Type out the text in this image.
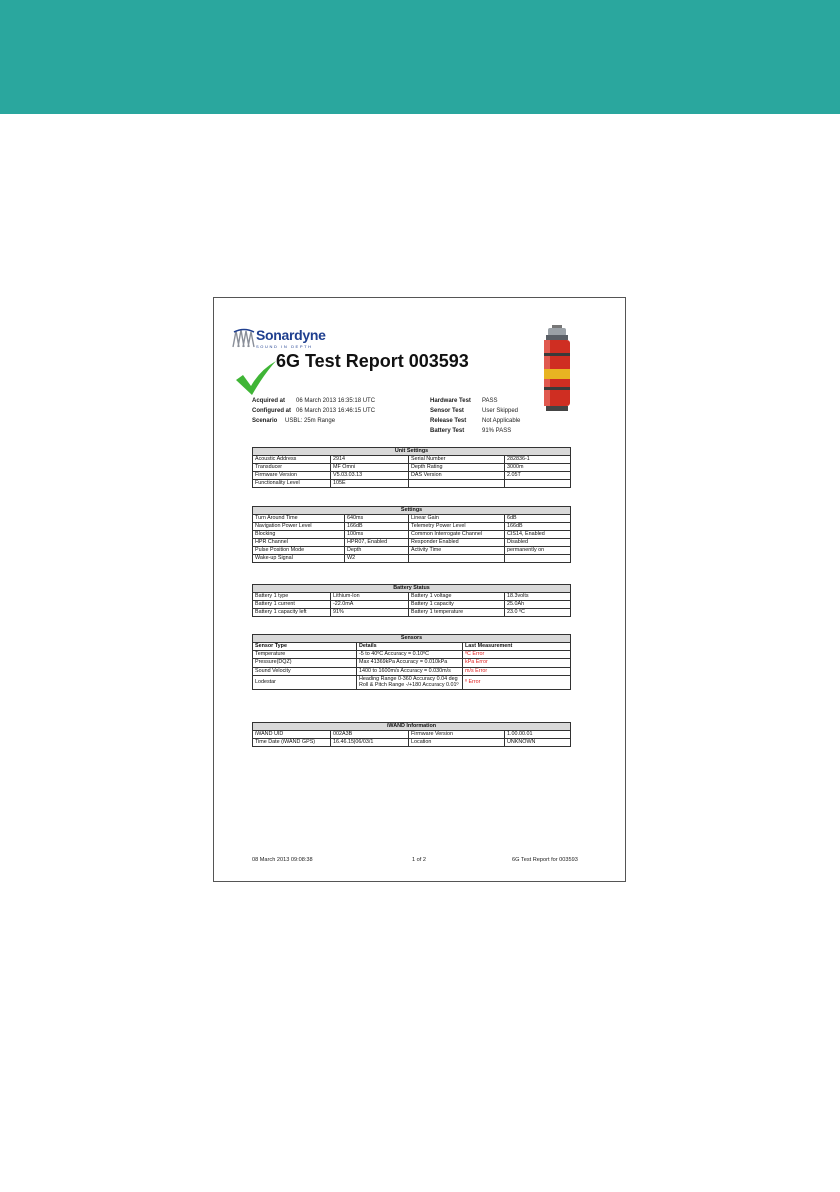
Sonardyne
SOUND IN DEPTH
6G Test Report 003593
Acquired at 06 March 2013 16:35:18 UTC
Configured at 06 March 2013 16:46:15 UTC
Scenario USBL: 25m Range
Hardware Test PASS
Sensor Test	User Skipped
Release Test	Not Applicable
Battery Test	91% PASS
Unit Settings			
Acoustic Address	2914	Serial Number	282836-1
Transducer	MF Omni	Depth Rating	3000m
Firmware Version	V5.03.03.13	DAS Version	2.05T
Functionality Level	105E		
Settings			
Turn Around Time	640ms	Linear Gain	6dB
Navigation Power Level	166dB	Telemetry Power Level	166dB
Blocking	100ms	Common Interrogate Channel	CIS14, Enabled
HPR Channel	HPR07, Enabled	Responder Enabled	Disabled
Pulse Position Mode	Depth	Activity Time	permanently on
Wake-up Signal	W2		
Battery Status			
Battery 1 type	Lithium-Ion	Battery 1 voltage	18.3volts
Battery 1 current	-22.0mA	Battery 1 capacity	25.0Ah
Battery 1 capacity left	91%	Battery 1 temperature	23.0 ºC
Sensors		
Sensor Type	Details	Last Measurement
Temperature	-5 to 40ºC Accuracy = 0.10ºC	ºC Error
Pressure(DQZ)	Max 41369kPa Accuracy = 0.010kPa	kPa Error
Sound Velocity	1400 to 1600m/s Accuracy = 0.030m/s	m/s Error
Lodestar	Heading Range 0-360 Accuracy 0.04 deg Roll & Pitch Range -/+180 Accuracy 0.01º	º Error
iWAND Information			
iWAND UID	002A3B	Firmware Version	1.00.00.01
Time Date (iWAND GPS)	16.46.15|06/03/1	Location	UNKNOWN
08 March 2013 09:08:38	1 of 2	6G Test Report for 003593
